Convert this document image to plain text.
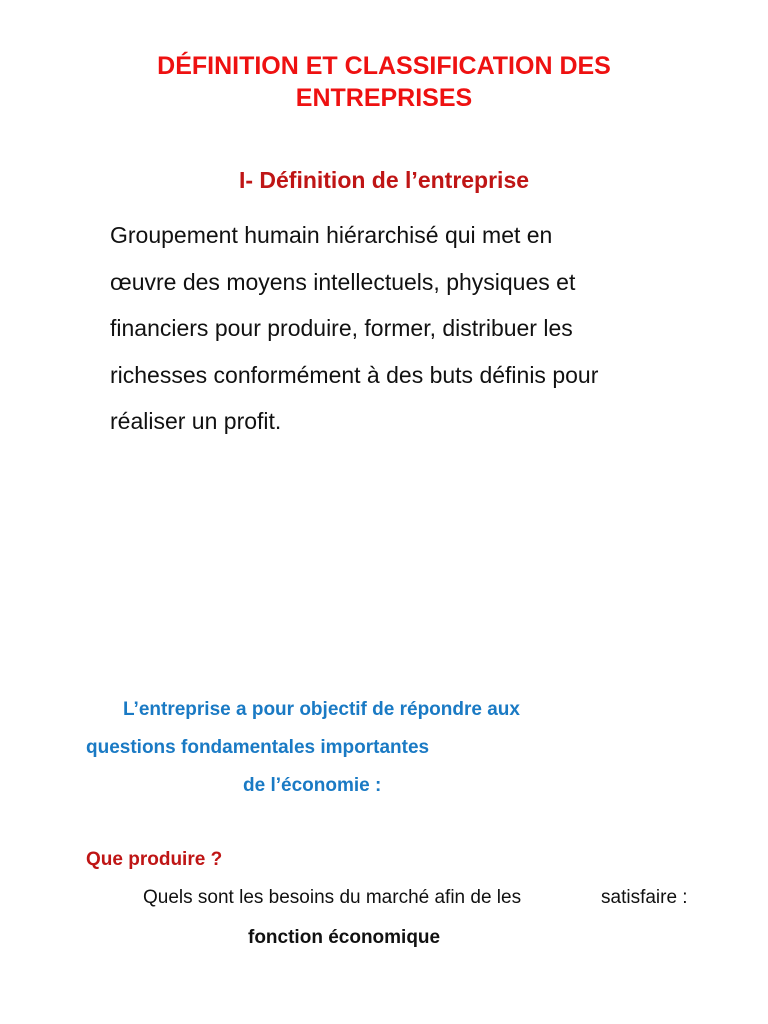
DÉFINITION ET CLASSIFICATION DES
ENTREPRISES
I- Définition de l’entreprise
Groupement humain hiérarchisé qui met en
œuvre des moyens intellectuels, physiques et
financiers pour produire, former, distribuer les
richesses conformément à des buts définis pour
réaliser un profit.
L’entreprise a pour objectif de répondre aux
questions fondamentales importantes
de l’économie :
Que produire ?
Quels sont les besoins du marché afin de les	satisfaire :
fonction économique
